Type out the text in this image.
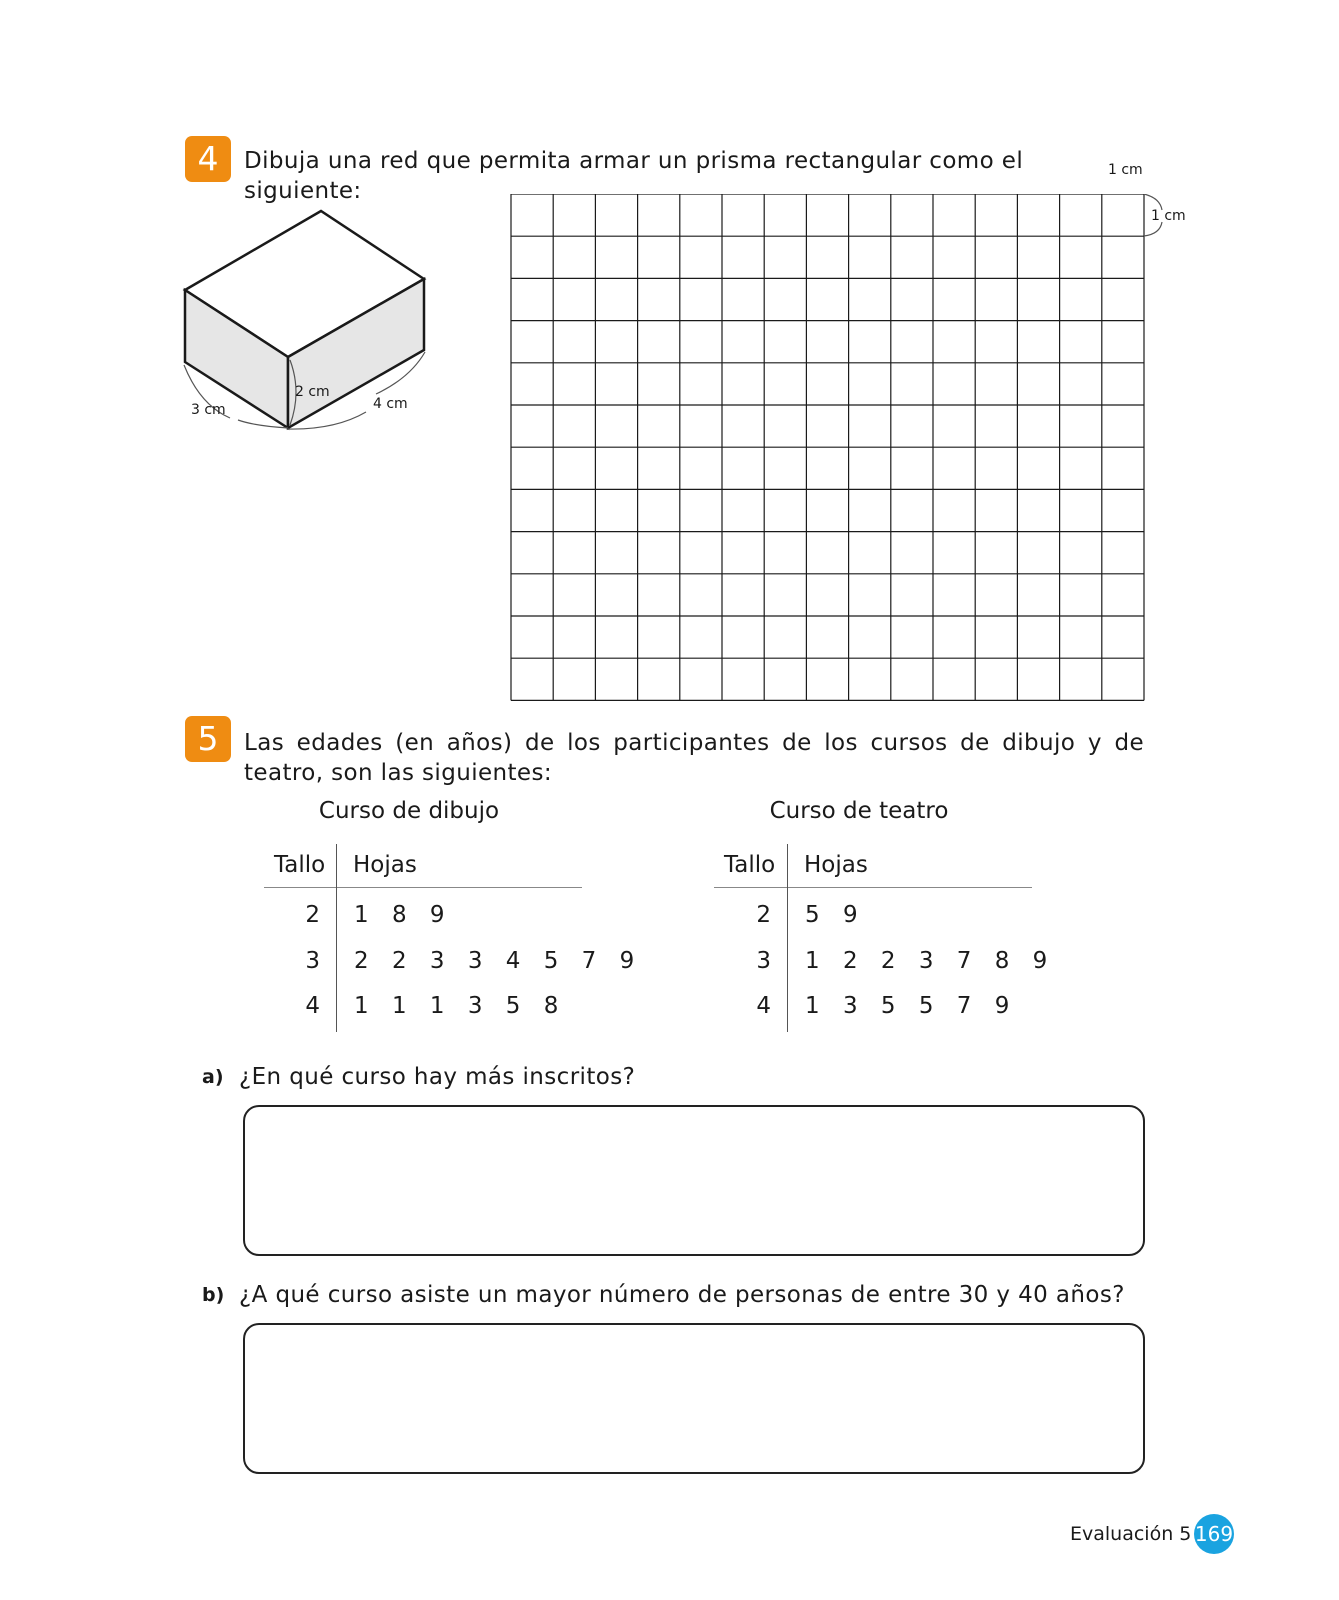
4	Dibuja una red que permita armar un prisma rectangular como el siguiente:
3 cm
2 cm
4 cm
1 cm
1 cm
5	Las edades (en años) de los participantes de los cursos de dibujo y de teatro, son las siguientes:
Curso de dibujo
Tallo Hojas
2 1 8 9
3 2 2 3 3 4 5 7 9
4 1 1 1 3 5 8
Curso de teatro
Tallo Hojas
2 5 9
3 1 2 2 3 7 8 9
4 1 3 5 5 7 9
a) ¿En qué curso hay más inscritos?
b) ¿A qué curso asiste un mayor número de personas de entre 30 y 40 años?
Evaluación 5 169
